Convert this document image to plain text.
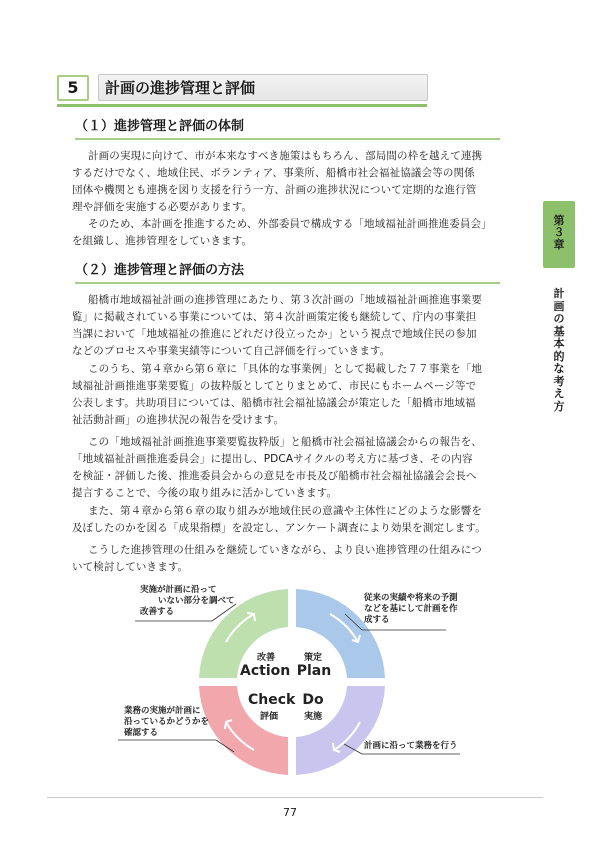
5	計画の進捗管理と評価
（１）進捗管理と評価の体制
計画の実現に向けて、市が本来なすべき施策はもちろん、部局間の枠を越えて連携
するだけでなく、地域住民、ボランティア、事業所、船橋市社会福祉協議会等の関係
団体や機関とも連携を図り支援を行う一方、計画の進捗状況について定期的な進行管
理や評価を実施する必要があります。
そのため、本計画を推進するため、外部委員で構成する「地域福祉計画推進委員会」
を組織し、進捗管理をしていきます。
（２）進捗管理と評価の方法
船橋市地域福祉計画の進捗管理にあたり、第３次計画の「地域福祉計画推進事業要
覧」に掲載されている事業については、第４次計画策定後も継続して、庁内の事業担
当課において「地域福祉の推進にどれだけ役立ったか」という視点で地域住民の参加
などのプロセスや事業実績等について自己評価を行っていきます。
このうち、第４章から第６章に「具体的な事業例」として掲載した７７事業を「地
域福祉計画推進事業要覧」の抜粋版としてとりまとめて、市民にもホームページ等で
公表します。共助項目については、船橋市社会福祉協議会が策定した「船橋市地域福
祉活動計画」の進捗状況の報告を受けます。
この「地域福祉計画推進事業要覧抜粋版」と船橋市社会福祉協議会からの報告を、
「地域福祉計画推進委員会」に提出し、PDCAサイクルの考え方に基づき、その内容
を検証・評価した後、推進委員会からの意見を市長及び船橋市社会福祉協議会会長へ
提言することで、今後の取り組みに活かしていきます。
また、第４章から第６章の取り組みが地域住民の意識や主体性にどのような影響を
及ぼしたのかを図る「成果指標」を設定し、アンケート調査により効果を測定します。
こうした進捗管理の仕組みを継続していきながら、より良い進捗管理の仕組みにつ
いて検討していきます。
第
３
章
計
画
の
基
本
的
な
考
え
方
改善
Action
策定
Plan
Check
評価
Do
実施
実施が計画に沿って
いない部分を調べて
改善する
従来の実績や将来の予測
などを基にして計画を作
成する
業務の実施が計画に
沿っているかどうかを
確認する
計画に沿って業務を行う
77
